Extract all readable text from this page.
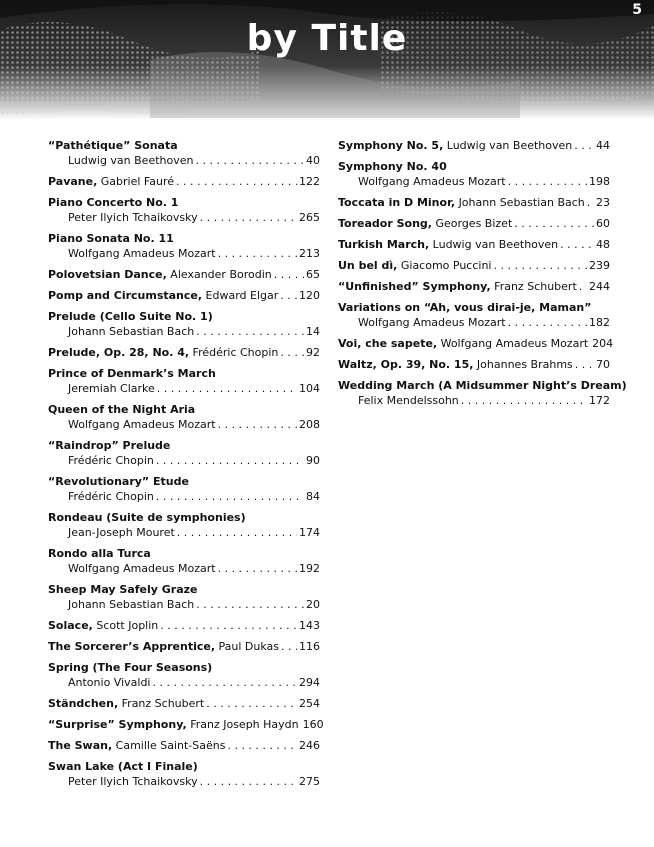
5
by Title
“Pathétique” Sonata
Ludwig van Beethoven . . .	40
Pavane, Gabriel Fauré . . .	122
Piano Concerto No. 1
Peter Ilyich Tchaikovsky . . .	265
Piano Sonata No. 11
Wolfgang Amadeus Mozart . . .	213
Polovetsian Dance, Alexander Borodin . . .	65
Pomp and Circumstance, Edward Elgar . . . 120
Prelude (Cello Suite No. 1)
Johann Sebastian Bach . . .	14
Prelude, Op. 28, No. 4, Frédéric Chopin . . .	92
Prince of Denmark’s March
Jeremiah Clarke . . .	104
Queen of the Night Aria
Wolfgang Amadeus Mozart . . .	208
“Raindrop” Prelude
Frédéric Chopin . . .	90
“Revolutionary” Etude
Frédéric Chopin . . .	84
Rondeau (Suite de symphonies)
Jean-Joseph Mouret . . .	174
Rondo alla Turca
Wolfgang Amadeus Mozart . . .	192
Sheep May Safely Graze
Johann Sebastian Bach . . .	20
Solace, Scott Joplin . . .	143
The Sorcerer’s Apprentice, Paul Dukas . . . 116
Spring (The Four Seasons)
Antonio Vivaldi . . .	294
Ständchen, Franz Schubert . . .	254
“Surprise” Symphony, Franz Joseph Haydn 160
The Swan, Camille Saint-Saëns . . .	246
Swan Lake (Act I Finale)
Peter Ilyich Tchaikovsky . . .	275
Symphony No. 5, Ludwig van Beethoven . . . 44
Symphony No. 40
Wolfgang Amadeus Mozart . . .	198
Toccata in D Minor, Johann Sebastian Bach . . . 23
Toreador Song, Georges Bizet . . .	60
Turkish March, Ludwig van Beethoven . . .	48
Un bel dì, Giacomo Puccini . . .	239
“Unfinished” Symphony, Franz Schubert . . . 244
Variations on “Ah, vous dirai-je, Maman”
Wolfgang Amadeus Mozart . . .	182
Voi, che sapete, Wolfgang Amadeus Mozart 204
Waltz, Op. 39, No. 15, Johannes Brahms . . . 70
Wedding March (A Midsummer Night’s Dream)
Felix Mendelssohn . . .	172
